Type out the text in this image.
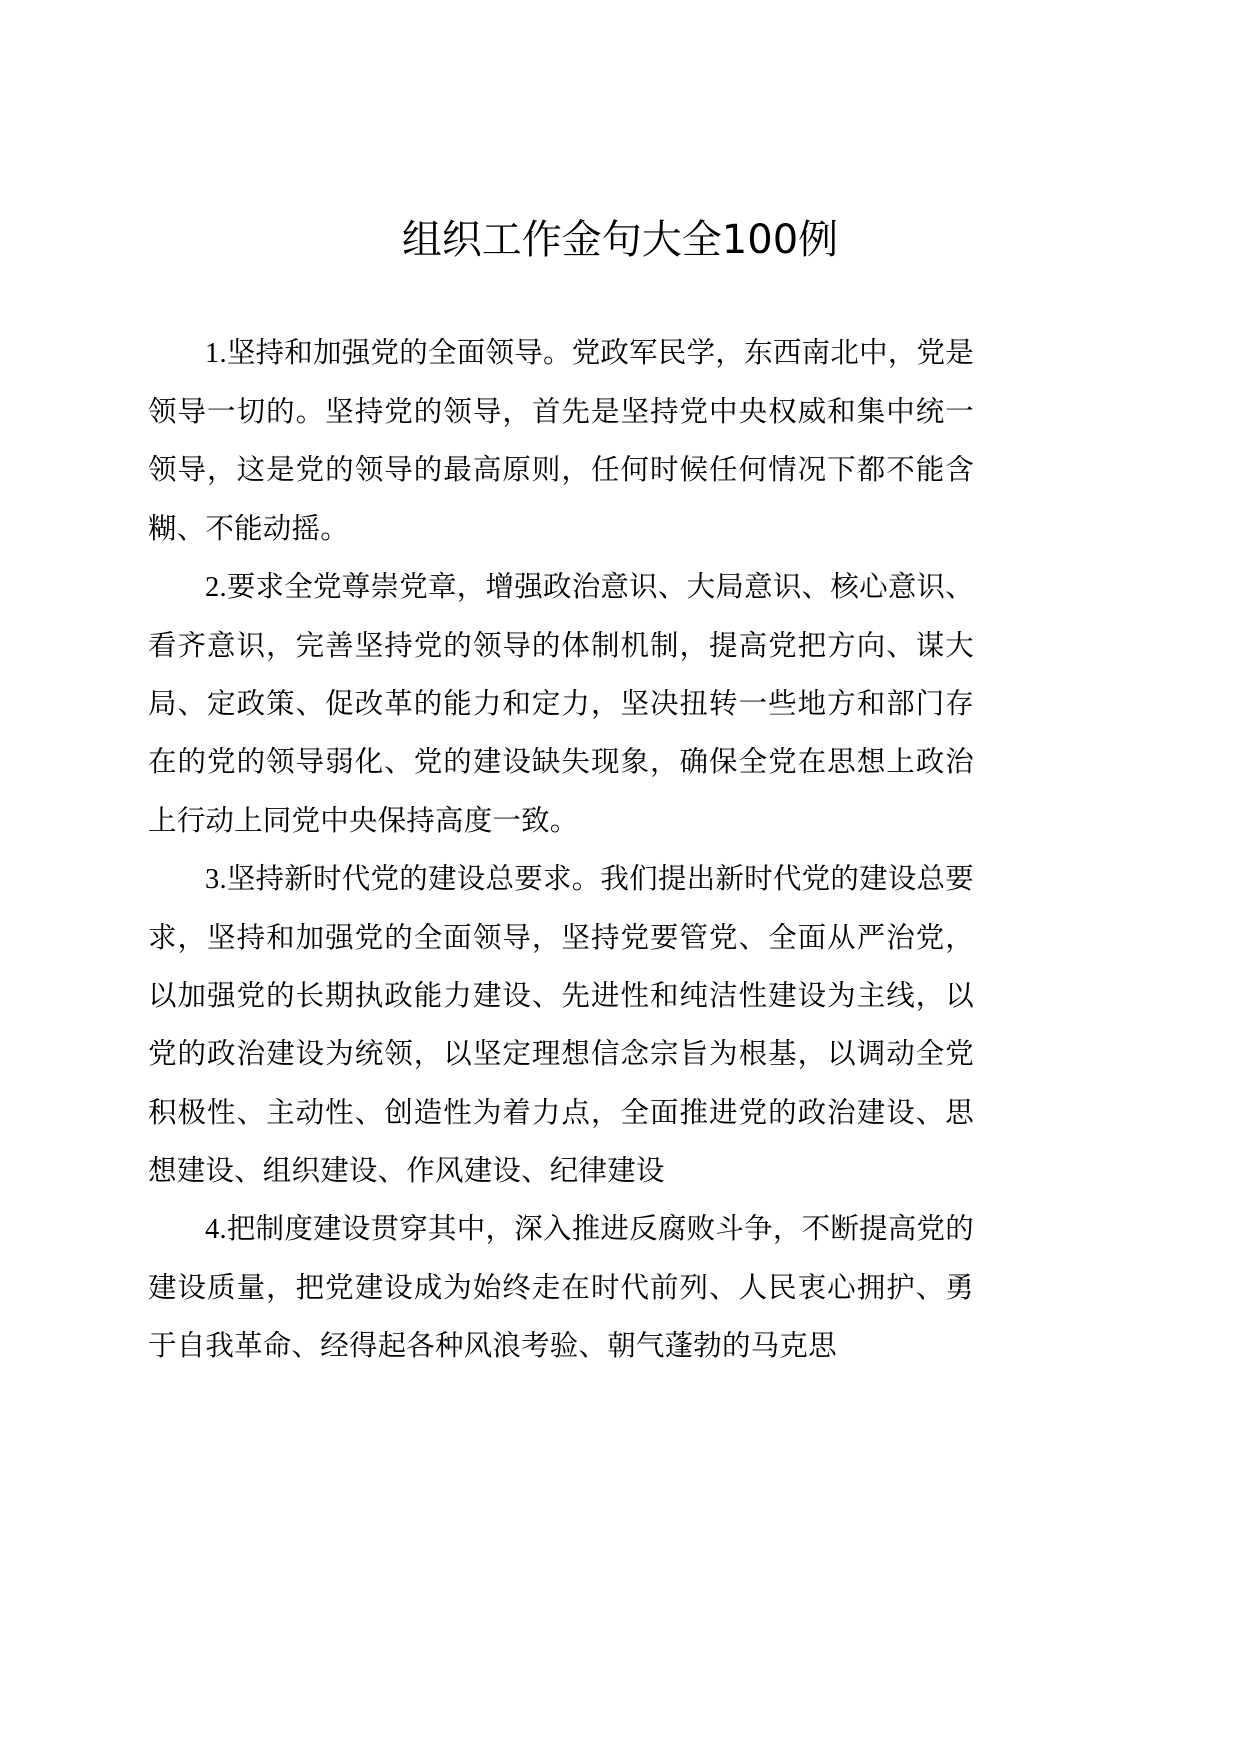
组织工作金句大全100例

1.坚持和加强党的全面领导。党政军民学，东西南北中，党是领导一切的。坚持党的领导，首先是坚持党中央权威和集中统一领导，这是党的领导的最高原则，任何时候任何情况下都不能含糊、不能动摇。

2.要求全党尊崇党章，增强政治意识、大局意识、核心意识、看齐意识，完善坚持党的领导的体制机制，提高党把方向、谋大局、定政策、促改革的能力和定力，坚决扭转一些地方和部门存在的党的领导弱化、党的建设缺失现象，确保全党在思想上政治上行动上同党中央保持高度一致。

3.坚持新时代党的建设总要求。我们提出新时代党的建设总要求，坚持和加强党的全面领导，坚持党要管党、全面从严治党，以加强党的长期执政能力建设、先进性和纯洁性建设为主线，以党的政治建设为统领，以坚定理想信念宗旨为根基，以调动全党积极性、主动性、创造性为着力点，全面推进党的政治建设、思想建设、组织建设、作风建设、纪律建设

4.把制度建设贯穿其中，深入推进反腐败斗争，不断提高党的建设质量，把党建设成为始终走在时代前列、人民衷心拥护、勇于自我革命、经得起各种风浪考验、朝气蓬勃的马克思
